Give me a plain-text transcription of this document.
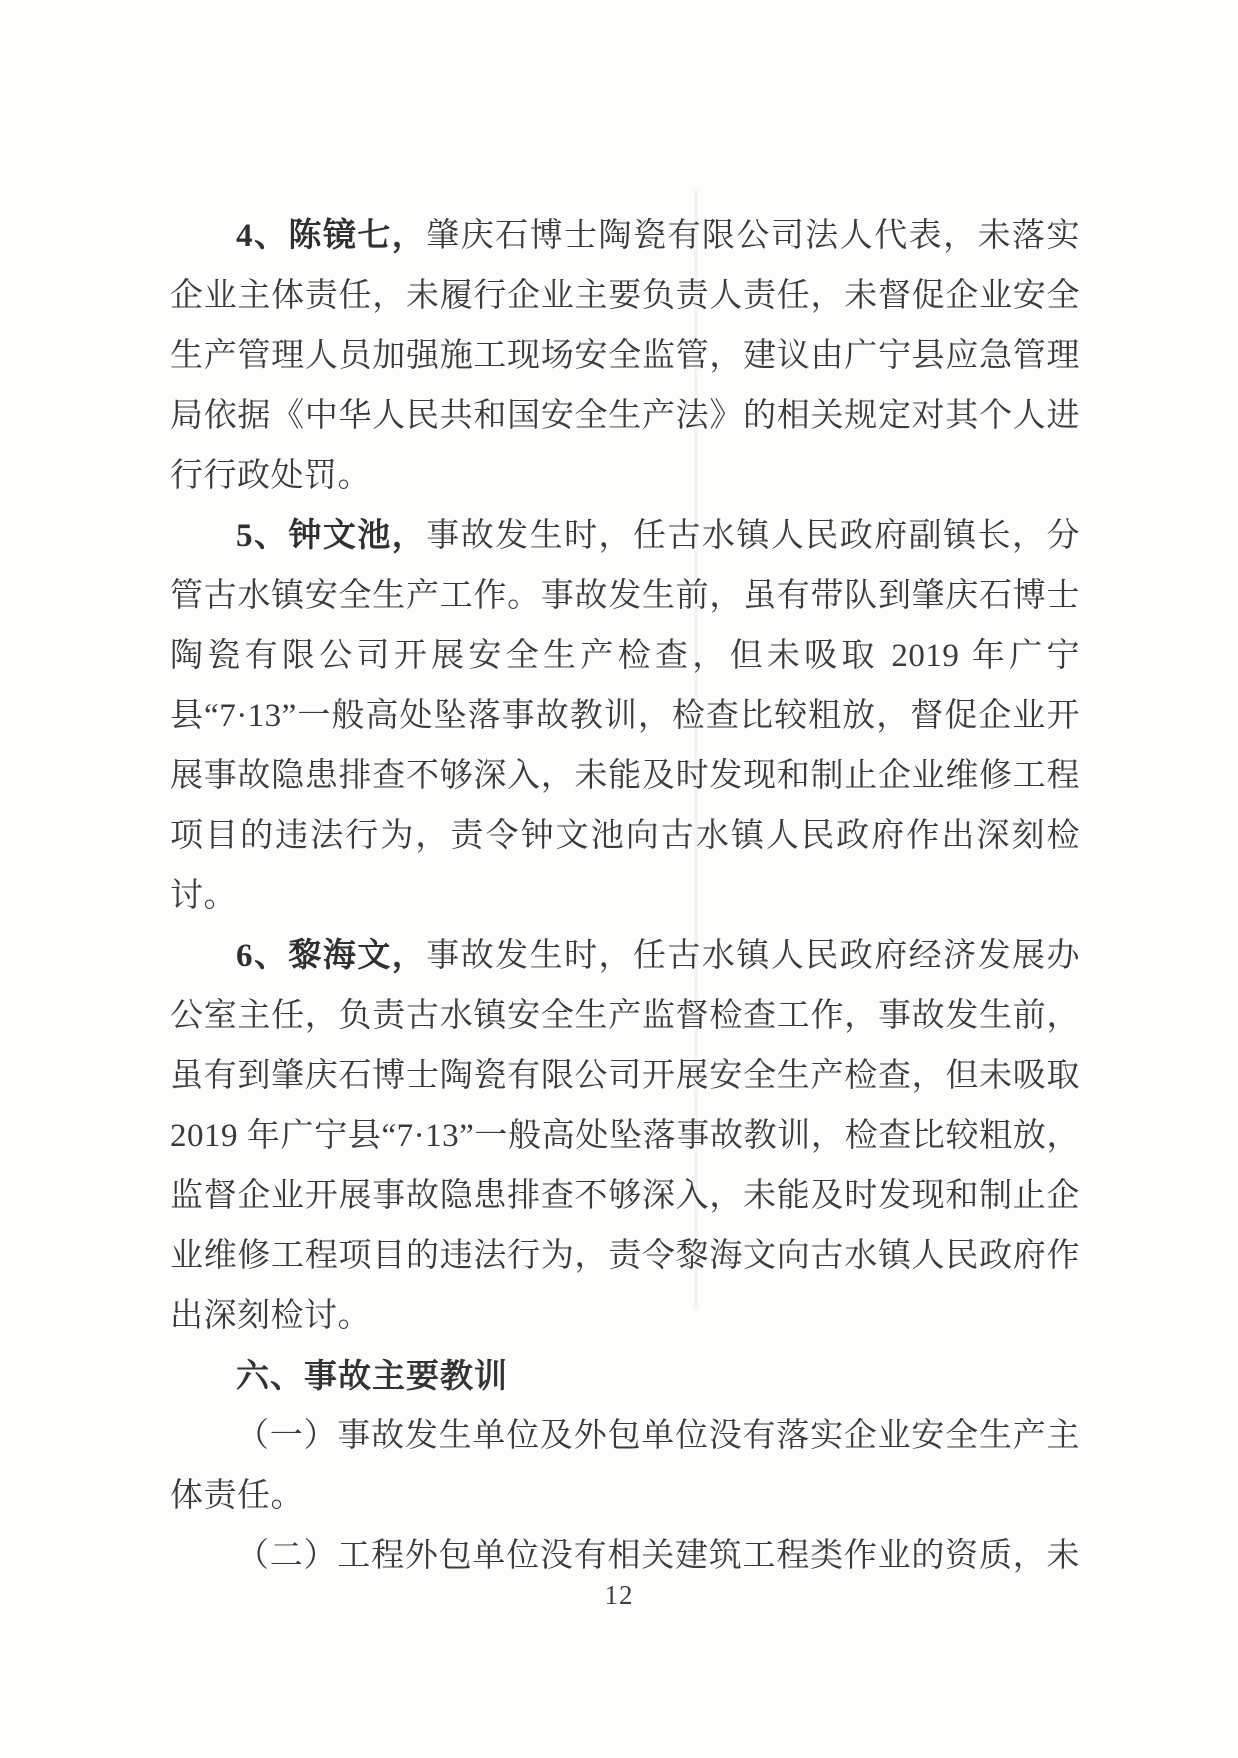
4、陈镜七，肇庆石博士陶瓷有限公司法人代表，未落实企业主体责任，未履行企业主要负责人责任，未督促企业安全生产管理人员加强施工现场安全监管，建议由广宁县应急管理局依据《中华人民共和国安全生产法》的相关规定对其个人进行行政处罚。

5、钟文池，事故发生时，任古水镇人民政府副镇长，分管古水镇安全生产工作。事故发生前，虽有带队到肇庆石博士陶瓷有限公司开展安全生产检查，但未吸取 2019 年广宁县“7·13”一般高处坠落事故教训，检查比较粗放，督促企业开展事故隐患排查不够深入，未能及时发现和制止企业维修工程项目的违法行为，责令钟文池向古水镇人民政府作出深刻检讨。

6、黎海文，事故发生时，任古水镇人民政府经济发展办公室主任，负责古水镇安全生产监督检查工作，事故发生前，虽有到肇庆石博士陶瓷有限公司开展安全生产检查，但未吸取 2019 年广宁县“7·13”一般高处坠落事故教训，检查比较粗放，监督企业开展事故隐患排查不够深入，未能及时发现和制止企业维修工程项目的违法行为，责令黎海文向古水镇人民政府作出深刻检讨。

六、事故主要教训

（一）事故发生单位及外包单位没有落实企业安全生产主体责任。

（二）工程外包单位没有相关建筑工程类作业的资质，未

12
